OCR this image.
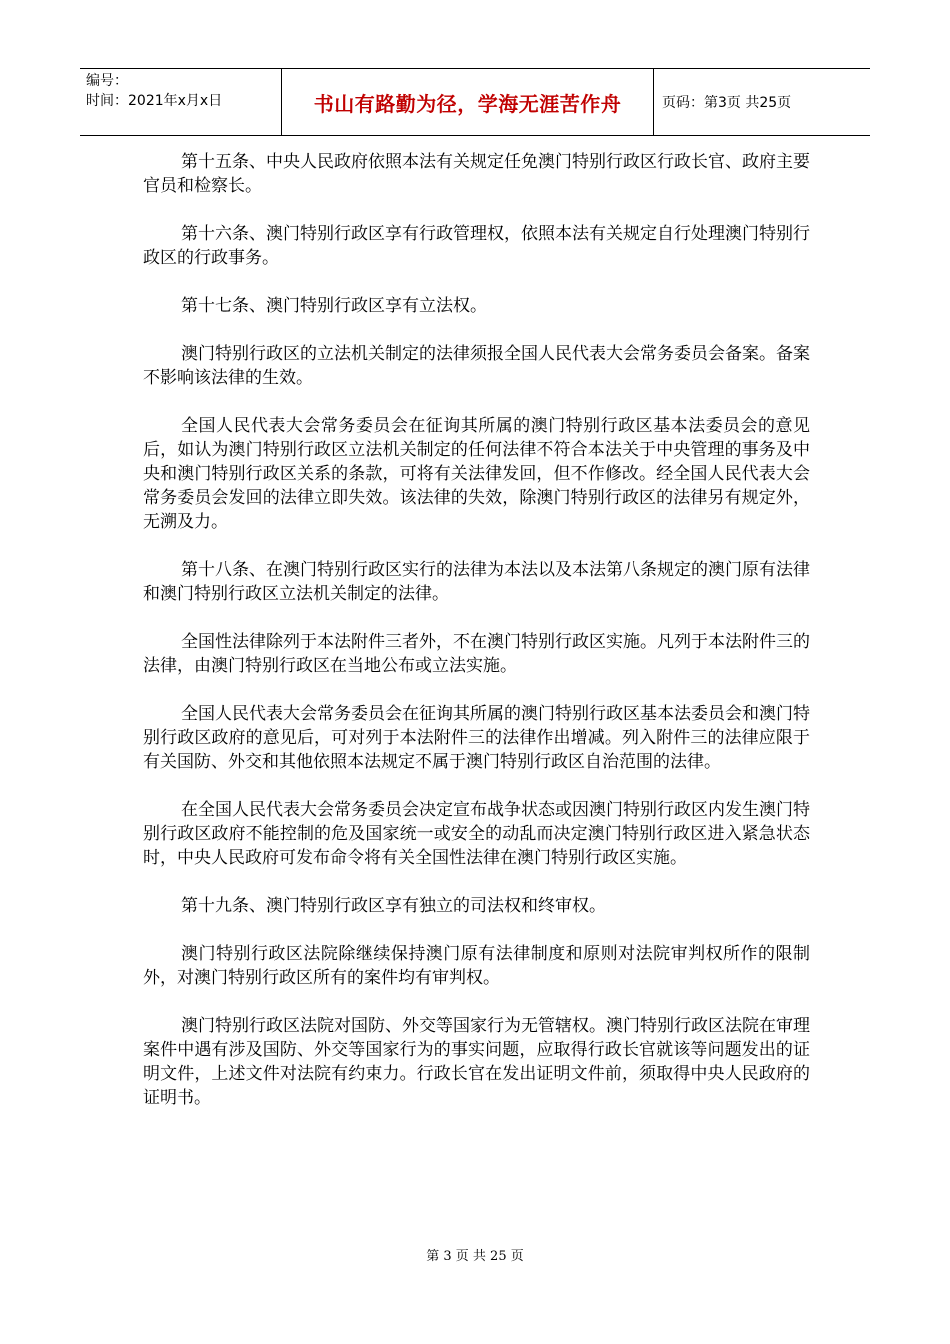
编号：
时间：2021年x月x日	书山有路勤为径，学海无涯苦作舟	页码：第3页 共25页

第十五条、中央人民政府依照本法有关规定任免澳门特别行政区行政长官、政府主要官员和检察长。

第十六条、澳门特别行政区享有行政管理权，依照本法有关规定自行处理澳门特别行政区的行政事务。

第十七条、澳门特别行政区享有立法权。

澳门特别行政区的立法机关制定的法律须报全国人民代表大会常务委员会备案。备案不影响该法律的生效。

全国人民代表大会常务委员会在征询其所属的澳门特别行政区基本法委员会的意见后，如认为澳门特别行政区立法机关制定的任何法律不符合本法关于中央管理的事务及中央和澳门特别行政区关系的条款，可将有关法律发回，但不作修改。经全国人民代表大会常务委员会发回的法律立即失效。该法律的失效，除澳门特别行政区的法律另有规定外，无溯及力。

第十八条、在澳门特别行政区实行的法律为本法以及本法第八条规定的澳门原有法律和澳门特别行政区立法机关制定的法律。

全国性法律除列于本法附件三者外，不在澳门特别行政区实施。凡列于本法附件三的法律，由澳门特别行政区在当地公布或立法实施。

全国人民代表大会常务委员会在征询其所属的澳门特别行政区基本法委员会和澳门特别行政区政府的意见后，可对列于本法附件三的法律作出增减。列入附件三的法律应限于有关国防、外交和其他依照本法规定不属于澳门特别行政区自治范围的法律。

在全国人民代表大会常务委员会决定宣布战争状态或因澳门特别行政区内发生澳门特别行政区政府不能控制的危及国家统一或安全的动乱而决定澳门特别行政区进入紧急状态时，中央人民政府可发布命令将有关全国性法律在澳门特别行政区实施。

第十九条、澳门特别行政区享有独立的司法权和终审权。

澳门特别行政区法院除继续保持澳门原有法律制度和原则对法院审判权所作的限制外，对澳门特别行政区所有的案件均有审判权。

澳门特别行政区法院对国防、外交等国家行为无管辖权。澳门特别行政区法院在审理案件中遇有涉及国防、外交等国家行为的事实问题，应取得行政长官就该等问题发出的证明文件，上述文件对法院有约束力。行政长官在发出证明文件前，须取得中央人民政府的证明书。

第 3 页 共 25 页
